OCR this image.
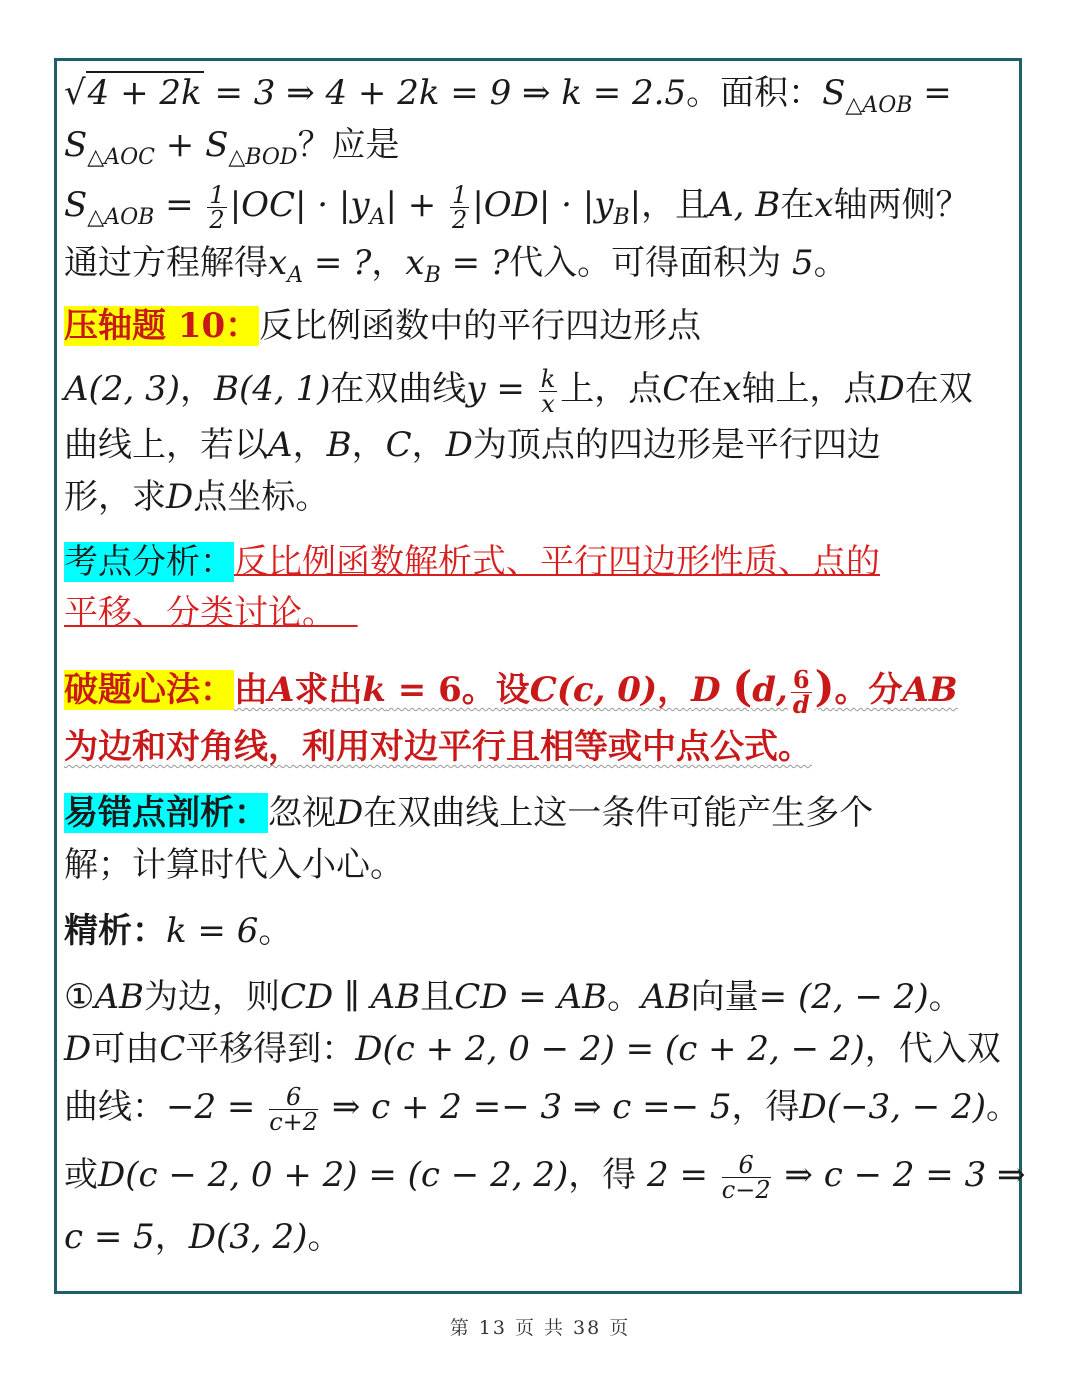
√4 + 2k = 3 ⇒ 4 + 2k = 9 ⇒ k = 2.5。面积：$S_{\triangle AOB}$ =
$S_{\triangle AOC} + S_{\triangle BOD}$？应是
$S_{\triangle AOB} = \frac{1}{2} |OC| \cdot |y_A| + \frac{1}{2} |OD| \cdot |y_B|$，且A, B在x轴两侧？
通过方程解得$x_A$ = ?，$x_B$ = ?代入。可得面积为 5。
压轴题 10：反比例函数中的平行四边形点
A(2, 3)，B(4, 1)在双曲线$y = \frac{k}{x}$ 上，点C在x轴上，点D在双
曲线上，若以A，B，C，D为顶点的四边形是平行四边
形，求D点坐标。
考点分析：反比例函数解析式、平行四边形性质、点的
平移、分类讨论。
破题心法：由A求出k = 6。设C(c, 0)，D (d, $\frac{6}{d}$ )。分AB
为边和对角线，利用对边平行且相等或中点公式。
易错点剖析：忽视D在双曲线上这一条件可能产生多个
解；计算时代入小心。
精析：k = 6。
①AB为边，则CD ∥ AB且CD = AB。AB向量= (2, − 2)。
D可由C平移得到：D(c + 2, 0 − 2) = (c + 2, − 2)，代入双
曲线：$-2 = \frac{6}{c+2}$ ⇒ c + 2 =− 3 ⇒ c =− 5，得D(−3, − 2)。
或D(c − 2, 0 + 2) = (c − 2, 2)，得 $2 = \frac{6}{c-2}$ ⇒ c − 2 = 3 ⇒
c = 5，D(3, 2)。
第 13 页 共 38 页
